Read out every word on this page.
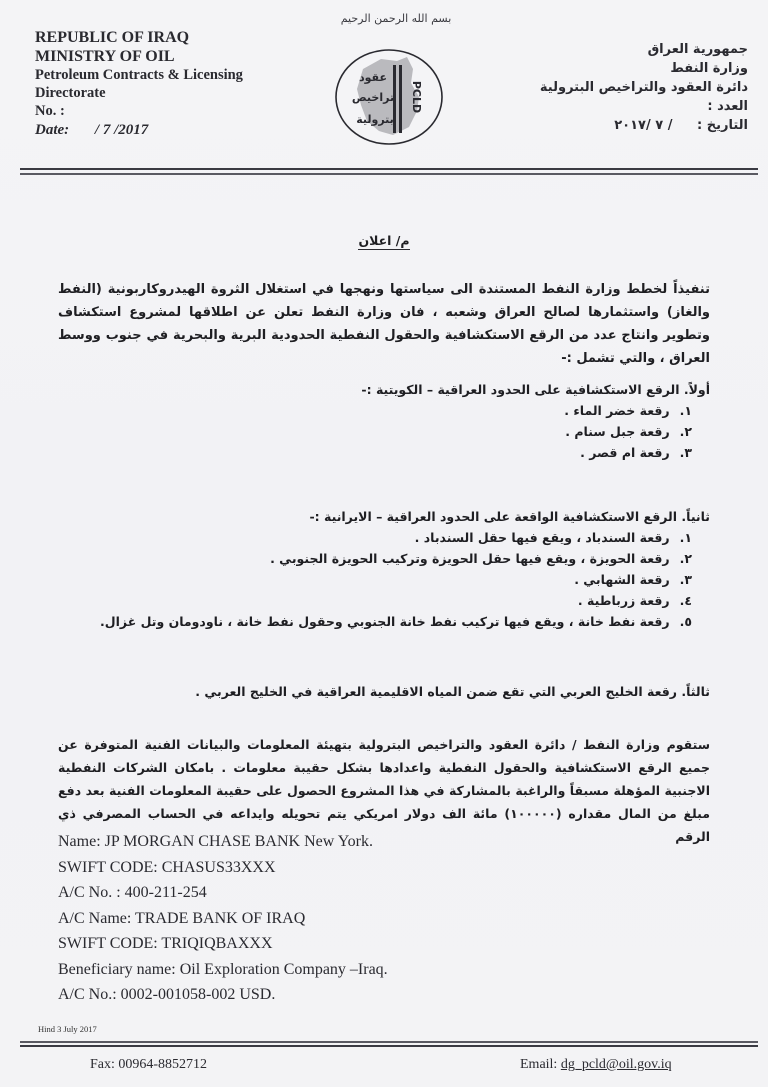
REPUBLIC OF IRAQ
MINISTRY OF OIL
Petroleum Contracts & Licensing
Directorate
No. :
Date: / 7 /2017
بسم الله الرحمن الرحيم
عقود
تراخيص
بترولية
PCLD
جمهورية العراق
وزارة النفط
دائرة العقود والتراخيص البترولية
العدد :
التاريخ : / ٧ /٢٠١٧
م/ اعلان
تنفيذاً لخطط وزارة النفط المستندة الى سياستها ونهجها في استغلال الثروة الهيدروكاربونية (النفط والغاز) واستثمارها لصالح العراق وشعبه ، فان وزارة النفط تعلن عن اطلاقها لمشروع استكشاف وتطوير وانتاج عدد من الرقع الاستكشافية والحقول النفطية الحدودية البرية والبحرية في جنوب ووسط العراق ، والتي تشمل :-

أولاً. الرقع الاستكشافية على الحدود العراقية – الكويتية :-

١. رقعة خضر الماء .
٢. رقعة جبل سنام .
٣. رقعة ام قصر .

ثانياً. الرقع الاستكشافية الواقعة على الحدود العراقية – الايرانية :-

١. رقعة السندباد ، ويقع فيها حقل السندباد .
٢. رقعة الحويزة ، ويقع فيها حقل الحويزة وتركيب الحويزة الجنوبي .
٣. رقعة الشهابي .
٤. رقعة زرباطية .
٥. رقعة نفط خانة ، ويقع فيها تركيب نفط خانة الجنوبي وحقول نفط خانة ، ناودومان وتل غزال.

ثالثاً. رقعة الخليج العربي التي تقع ضمن المياه الاقليمية العراقية في الخليج العربي .

ستقوم وزارة النفط / دائرة العقود والتراخيص البترولية بتهيئة المعلومات والبيانات الفنية المتوفرة عن جميع الرقع الاستكشافية والحقول النفطية واعدادها بشكل حقيبة معلومات . بامكان الشركات النفطية الاجنبية المؤهلة مسبقاً والراغبة بالمشاركة في هذا المشروع الحصول على حقيبة المعلومات الفنية بعد دفع مبلغ من المال مقداره (١٠٠٠٠٠) مائة الف دولار امريكي يتم تحويله وايداعه في الحساب المصرفي ذي الرقم
Name: JP MORGAN CHASE BANK New York.
SWIFT CODE: CHASUS33XXX
A/C No. : 400-211-254
A/C Name: TRADE BANK OF IRAQ
SWIFT CODE: TRIQIQBAXXX
Beneficiary name: Oil Exploration Company –Iraq.
A/C No.: 0002-001058-002 USD.
Hind 3 July 2017
Fax: 00964-8852712	Email: dg_pcld@oil.gov.iq
